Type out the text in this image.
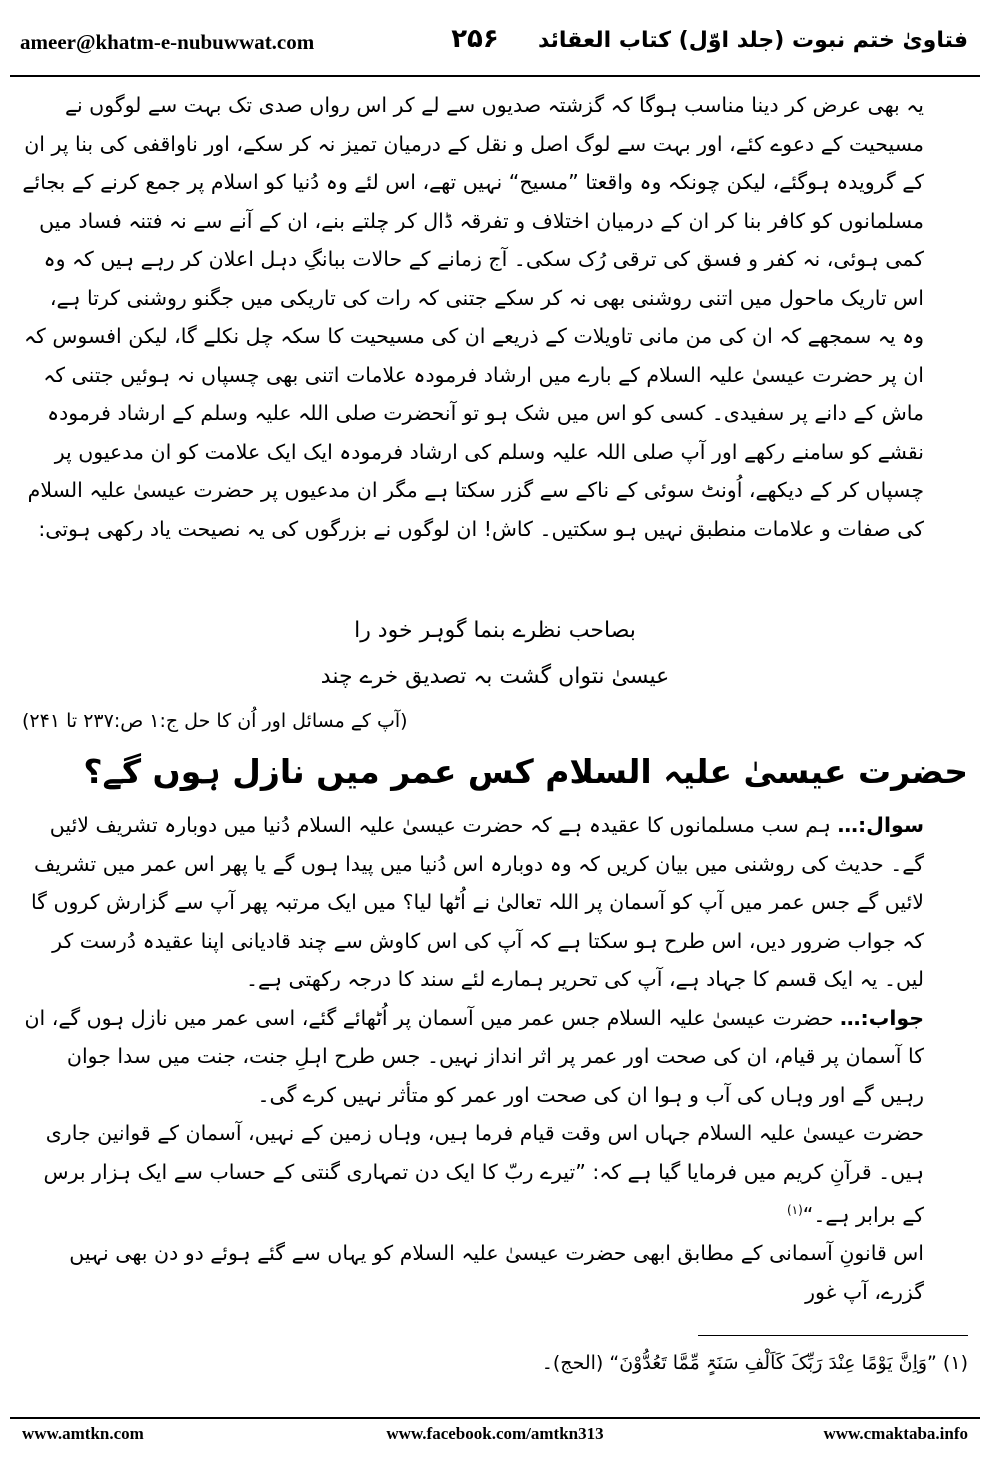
ameer@khatm-e-nubuwwat.com	۲۵۶	فتاویٰ ختم نبوت (جلد اوّل) کتاب العقائد

یہ بھی عرض کر دینا مناسب ہوگا کہ گزشتہ صدیوں سے لے کر اس رواں صدی تک بہت سے لوگوں نے مسیحیت کے دعوے کئے، اور بہت سے لوگ اصل و نقل کے درمیان تمیز نہ کر سکے، اور ناواقفی کی بنا پر ان کے گرویدہ ہوگئے، لیکن چونکہ وہ واقعتا ”مسیح“ نہیں تھے، اس لئے وہ دُنیا کو اسلام پر جمع کرنے کے بجائے مسلمانوں کو کافر بنا کر ان کے درمیان اختلاف و تفرقہ ڈال کر چلتے بنے، ان کے آنے سے نہ فتنہ فساد میں کمی ہوئی، نہ کفر و فسق کی ترقی رُک سکی۔ آج زمانے کے حالات ببانگِ دہل اعلان کر رہے ہیں کہ وہ اس تاریک ماحول میں اتنی روشنی بھی نہ کر سکے جتنی کہ رات کی تاریکی میں جگنو روشنی کرتا ہے، وہ یہ سمجھے کہ ان کی من مانی تاویلات کے ذریعے ان کی مسیحیت کا سکہ چل نکلے گا، لیکن افسوس کہ ان پر حضرت عیسیٰ علیہ السلام کے بارے میں ارشاد فرمودہ علامات اتنی بھی چسپاں نہ ہوئیں جتنی کہ ماش کے دانے پر سفیدی۔ کسی کو اس میں شک ہو تو آنحضرت صلی اللہ علیہ وسلم کے ارشاد فرمودہ نقشے کو سامنے رکھے اور آپ صلی اللہ علیہ وسلم کی ارشاد فرمودہ ایک ایک علامت کو ان مدعیوں پر چسپاں کر کے دیکھے، اُونٹ سوئی کے ناکے سے گزر سکتا ہے مگر ان مدعیوں پر حضرت عیسیٰ علیہ السلام کی صفات و علامات منطبق نہیں ہو سکتیں۔ کاش! ان لوگوں نے بزرگوں کی یہ نصیحت یاد رکھی ہوتی:

بصاحب نظرے بنما گوہر خود را
عیسیٰ نتواں گشت بہ تصدیق خرے چند
(آپ کے مسائل اور اُن کا حل ج:۱ ص:۲۳۷ تا ۲۴۱)
حضرت عیسیٰ علیہ السلام کس عمر میں نازل ہوں گے؟

سوال:… ہم سب مسلمانوں کا عقیدہ ہے کہ حضرت عیسیٰ علیہ السلام دُنیا میں دوبارہ تشریف لائیں گے۔ حدیث کی روشنی میں بیان کریں کہ وہ دوبارہ اس دُنیا میں پیدا ہوں گے یا پھر اس عمر میں تشریف لائیں گے جس عمر میں آپ کو آسمان پر اللہ تعالیٰ نے اُٹھا لیا؟ میں ایک مرتبہ پھر آپ سے گزارش کروں گا کہ جواب ضرور دیں، اس طرح ہو سکتا ہے کہ آپ کی اس کاوش سے چند قادیانی اپنا عقیدہ دُرست کر لیں۔ یہ ایک قسم کا جہاد ہے، آپ کی تحریر ہمارے لئے سند کا درجہ رکھتی ہے۔

جواب:… حضرت عیسیٰ علیہ السلام جس عمر میں آسمان پر اُٹھائے گئے، اسی عمر میں نازل ہوں گے، ان کا آسمان پر قیام، ان کی صحت اور عمر پر اثر انداز نہیں۔ جس طرح اہلِ جنت، جنت میں سدا جوان رہیں گے اور وہاں کی آب و ہوا ان کی صحت اور عمر کو متأثر نہیں کرے گی۔

حضرت عیسیٰ علیہ السلام جہاں اس وقت قیام فرما ہیں، وہاں زمین کے نہیں، آسمان کے قوانین جاری ہیں۔ قرآنِ کریم میں فرمایا گیا ہے کہ: ”تیرے ربّ کا ایک دن تمہاری گنتی کے حساب سے ایک ہزار برس کے برابر ہے۔“$^{(۱)}$

اس قانونِ آسمانی کے مطابق ابھی حضرت عیسیٰ علیہ السلام کو یہاں سے گئے ہوئے دو دن بھی نہیں گزرے، آپ غور

(۱) ”وَاِنَّ یَوْمًا عِنْدَ رَبِّکَ کَاَلْفِ سَنَۃٍ مِّمَّا تَعُدُّوْنَ“ (الحج)۔
www.amtkn.com	www.facebook.com/amtkn313	www.cmaktaba.info
